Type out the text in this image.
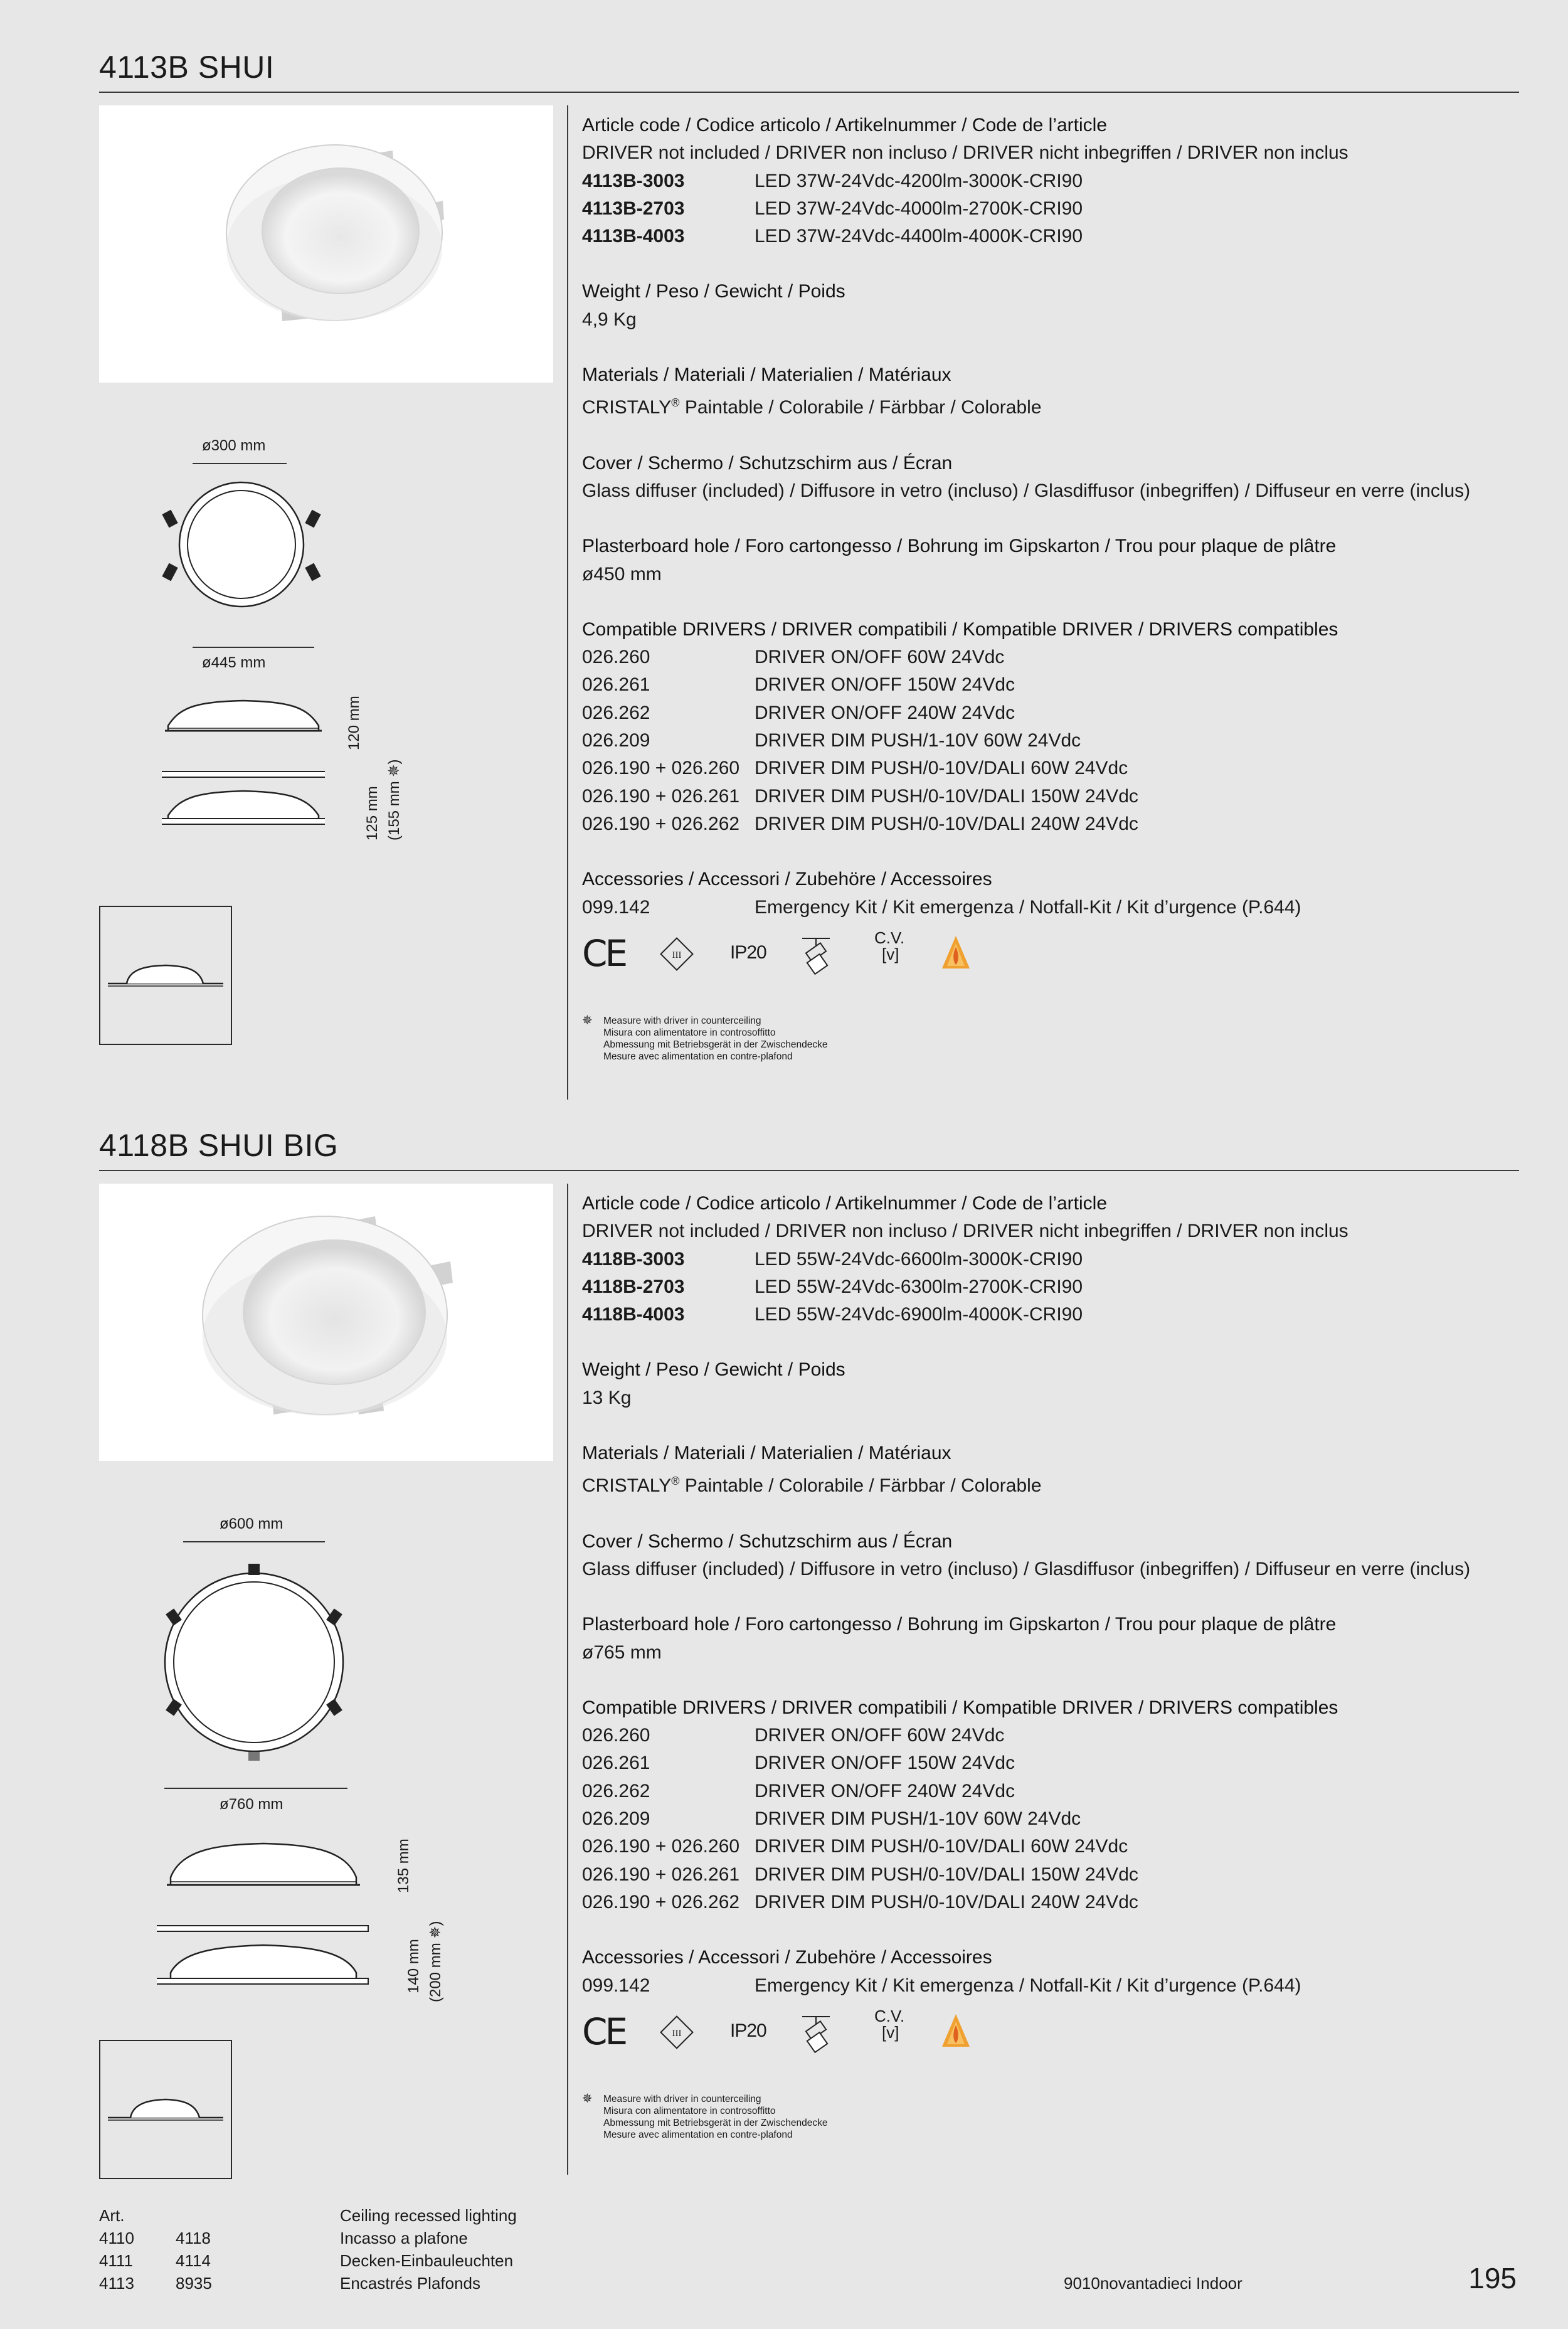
4113B SHUI
ø300 mm
ø445 mm
120 mm
125 mm (155 mm ✵)
Article code / Codice articolo / Artikelnummer / Code de l’article
DRIVER not included / DRIVER non incluso / DRIVER nicht inbegriffen / DRIVER non inclus
4113B-3003	LED 37W-24Vdc-4200lm-3000K-CRI90
4113B-2703	LED 37W-24Vdc-4000lm-2700K-CRI90
4113B-4003	LED 37W-24Vdc-4400lm-4000K-CRI90
Weight / Peso / Gewicht / Poids
4,9 Kg
Materials / Materiali / Materialien / Matériaux
CRISTALY® Paintable / Colorabile / Färbbar / Colorable
Cover / Schermo / Schutzschirm aus / Écran
Glass diffuser (included) / Diffusore in vetro (incluso) / Glasdiffusor (inbegriffen) / Diffuseur en verre (inclus)
Plasterboard hole / Foro cartongesso / Bohrung im Gipskarton / Trou pour plaque de plâtre
ø450 mm
Compatible DRIVERS / DRIVER compatibili / Kompatible DRIVER / DRIVERS compatibles
026.260	DRIVER ON/OFF 60W 24Vdc
026.261	DRIVER ON/OFF 150W 24Vdc
026.262	DRIVER ON/OFF 240W 24Vdc
026.209	DRIVER DIM PUSH/1-10V 60W 24Vdc
026.190 + 026.260 DRIVER DIM PUSH/0-10V/DALI 60W 24Vdc
026.190 + 026.261 DRIVER DIM PUSH/0-10V/DALI 150W 24Vdc
026.190 + 026.262 DRIVER DIM PUSH/0-10V/DALI 240W 24Vdc
Accessories / Accessori / Zubehöre / Accessoires
099.142	Emergency Kit / Kit emergenza / Notfall-Kit / Kit d’urgence (P.644)
CE	III	IP20
C.V.
[v]
✵ Measure with driver in counterceiling
Misura con alimentatore in controsoffitto
Abmessung mit Betriebsgerät in der Zwischendecke
Mesure avec alimentation en contre-plafond
4118B SHUI BIG
ø600 mm
ø760 mm
135 mm
140 mm (200 mm ✵)
Article code / Codice articolo / Artikelnummer / Code de l’article
DRIVER not included / DRIVER non incluso / DRIVER nicht inbegriffen / DRIVER non inclus
4118B-3003	LED 55W-24Vdc-6600lm-3000K-CRI90
4118B-2703	LED 55W-24Vdc-6300lm-2700K-CRI90
4118B-4003	LED 55W-24Vdc-6900lm-4000K-CRI90
Weight / Peso / Gewicht / Poids
13 Kg
Materials / Materiali / Materialien / Matériaux
CRISTALY® Paintable / Colorabile / Färbbar / Colorable
Cover / Schermo / Schutzschirm aus / Écran
Glass diffuser (included) / Diffusore in vetro (incluso) / Glasdiffusor (inbegriffen) / Diffuseur en verre (inclus)
Plasterboard hole / Foro cartongesso / Bohrung im Gipskarton / Trou pour plaque de plâtre
ø765 mm
Compatible DRIVERS / DRIVER compatibili / Kompatible DRIVER / DRIVERS compatibles
026.260	DRIVER ON/OFF 60W 24Vdc
026.261	DRIVER ON/OFF 150W 24Vdc
026.262	DRIVER ON/OFF 240W 24Vdc
026.209	DRIVER DIM PUSH/1-10V 60W 24Vdc
026.190 + 026.260 DRIVER DIM PUSH/0-10V/DALI 60W 24Vdc
026.190 + 026.261 DRIVER DIM PUSH/0-10V/DALI 150W 24Vdc
026.190 + 026.262 DRIVER DIM PUSH/0-10V/DALI 240W 24Vdc
Accessories / Accessori / Zubehöre / Accessoires
099.142	Emergency Kit / Kit emergenza / Notfall-Kit / Kit d’urgence (P.644)
CE	III	IP20
C.V.
[v]
✵ Measure with driver in counterceiling
Misura con alimentatore in controsoffitto
Abmessung mit Betriebsgerät in der Zwischendecke
Mesure avec alimentation en contre-plafond
Art.
4110	4118
4111	4114
4113	8935
Ceiling recessed lighting
Incasso a plafone
Decken-Einbauleuchten
Encastrés Plafonds	9010novantadieci Indoor	195
